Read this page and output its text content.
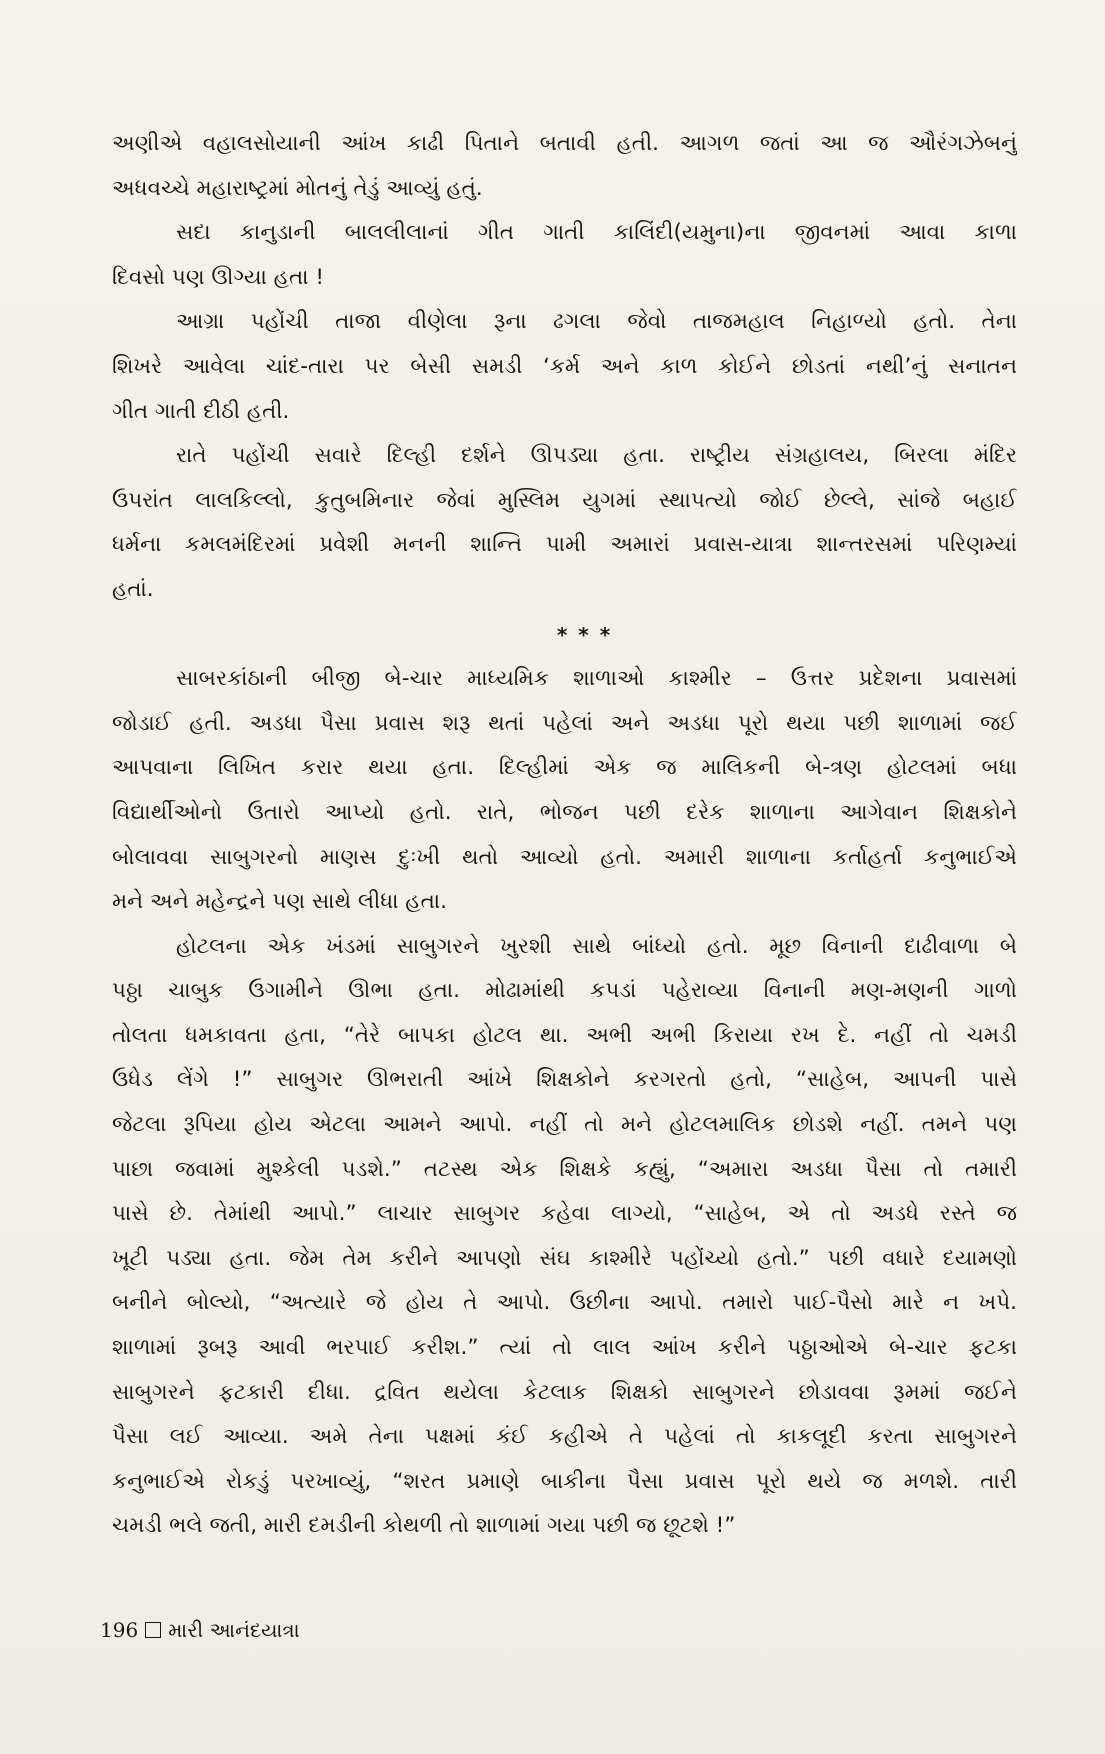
અણીએ વહાલસોયાની આંખ કાઢી પિતાને બતાવી હતી. આગળ જતાં આ જ ઔરંગઝેબનું
અધવચ્ચે મહારાષ્ટ્રમાં મોતનું તેડું આવ્યું હતું.
સદા કાનુડાની બાલલીલાનાં ગીત ગાતી કાલિંદી(યમુના)ના જીવનમાં આવા કાળા
દિવસો પણ ઊગ્યા હતા !
આગ્રા પહોંચી તાજા વીણેલા રૂના ઢગલા જેવો તાજમહાલ નિહાળ્યો હતો. તેના
શિખરે આવેલા ચાંદ-તારા પર બેસી સમડી ‘કર્મ અને કાળ કોઈને છોડતાં નથી’નું સનાતન
ગીત ગાતી દીઠી હતી.
રાતે પહોંચી સવારે દિલ્હી દર્શને ઊપડ્યા હતા. રાષ્ટ્રીય સંગ્રહાલય, બિરલા મંદિર
ઉપરાંત લાલકિલ્લો, કુતુબમિનાર જેવાં મુસ્લિમ યુગમાં સ્થાપત્યો જોઈ છેલ્લે, સાંજે બહાઈ
ધર્મના કમલમંદિરમાં પ્રવેશી મનની શાન્તિ પામી અમારાં પ્રવાસ-યાત્રા શાન્તરસમાં પરિણમ્યાં
હતાં.
* * *
સાબરકાંઠાની બીજી બે-ચાર માધ્યમિક શાળાઓ કાશ્મીર – ઉત્તર પ્રદેશના પ્રવાસમાં
જોડાઈ હતી. અડધા પૈસા પ્રવાસ શરૂ થતાં પહેલાં અને અડધા પૂરો થયા પછી શાળામાં જઈ
આપવાના લિખિત કરાર થયા હતા. દિલ્હીમાં એક જ માલિકની બે-ત્રણ હોટલમાં બધા
વિદ્યાર્થીઓનો ઉતારો આપ્યો હતો. રાતે, ભોજન પછી દરેક શાળાના આગેવાન શિક્ષકોને
બોલાવવા સાબુગરનો માણસ દુઃખી થતો આવ્યો હતો. અમારી શાળાના કર્તાહર્તા કનુભાઈએ
મને અને મહેન્દ્રને પણ સાથે લીધા હતા.
હોટલના એક ખંડમાં સાબુગરને ખુરશી સાથે બાંધ્યો હતો. મૂછ વિનાની દાઢીવાળા બે
પઠ્ઠા ચાબુક ઉગામીને ઊભા હતા. મોઢામાંથી કપડાં પહેરાવ્યા વિનાની મણ-મણની ગાળો
તોલતા ધમકાવતા હતા, “તેરે બાપકા હોટલ થા. અભી અભી કિરાયા રખ દે. નહીં તો ચમડી
ઉધેડ લેંગે !” સાબુગર ઊભરાતી આંખે શિક્ષકોને કરગરતો હતો, “સાહેબ, આપની પાસે
જેટલા રૂપિયા હોય એટલા આમને આપો. નહીં તો મને હોટલમાલિક છોડશે નહીં. તમને પણ
પાછા જવામાં મુશ્કેલી પડશે.” તટસ્થ એક શિક્ષકે કહ્યું, “અમારા અડધા પૈસા તો તમારી
પાસે છે. તેમાંથી આપો.” લાચાર સાબુગર કહેવા લાગ્યો, “સાહેબ, એ તો અડધે રસ્તે જ
ખૂટી પડ્યા હતા. જેમ તેમ કરીને આપણો સંઘ કાશ્મીરે પહોંચ્યો હતો.” પછી વધારે દયામણો
બનીને બોલ્યો, “અત્યારે જે હોય તે આપો. ઉછીના આપો. તમારો પાઈ-પૈસો મારે ન ખપે.
શાળામાં રૂબરૂ આવી ભરપાઈ કરીશ.” ત્યાં તો લાલ આંખ કરીને પઠ્ઠાઓએ બે-ચાર ફટકા
સાબુગરને ફટકારી દીધા. દ્રવિત થયેલા કેટલાક શિક્ષકો સાબુગરને છોડાવવા રૂમમાં જઈને
પૈસા લઈ આવ્યા. અમે તેના પક્ષમાં કંઈ કહીએ તે પહેલાં તો કાકલૂદી કરતા સાબુગરને
કનુભાઈએ રોકડું પરખાવ્યું, “શરત પ્રમાણે બાકીના પૈસા પ્રવાસ પૂરો થયે જ મળશે. તારી
ચમડી ભલે જતી, મારી દમડીની કોથળી તો શાળામાં ગયા પછી જ છૂટશે !”
196 મારી આનંદયાત્રા
